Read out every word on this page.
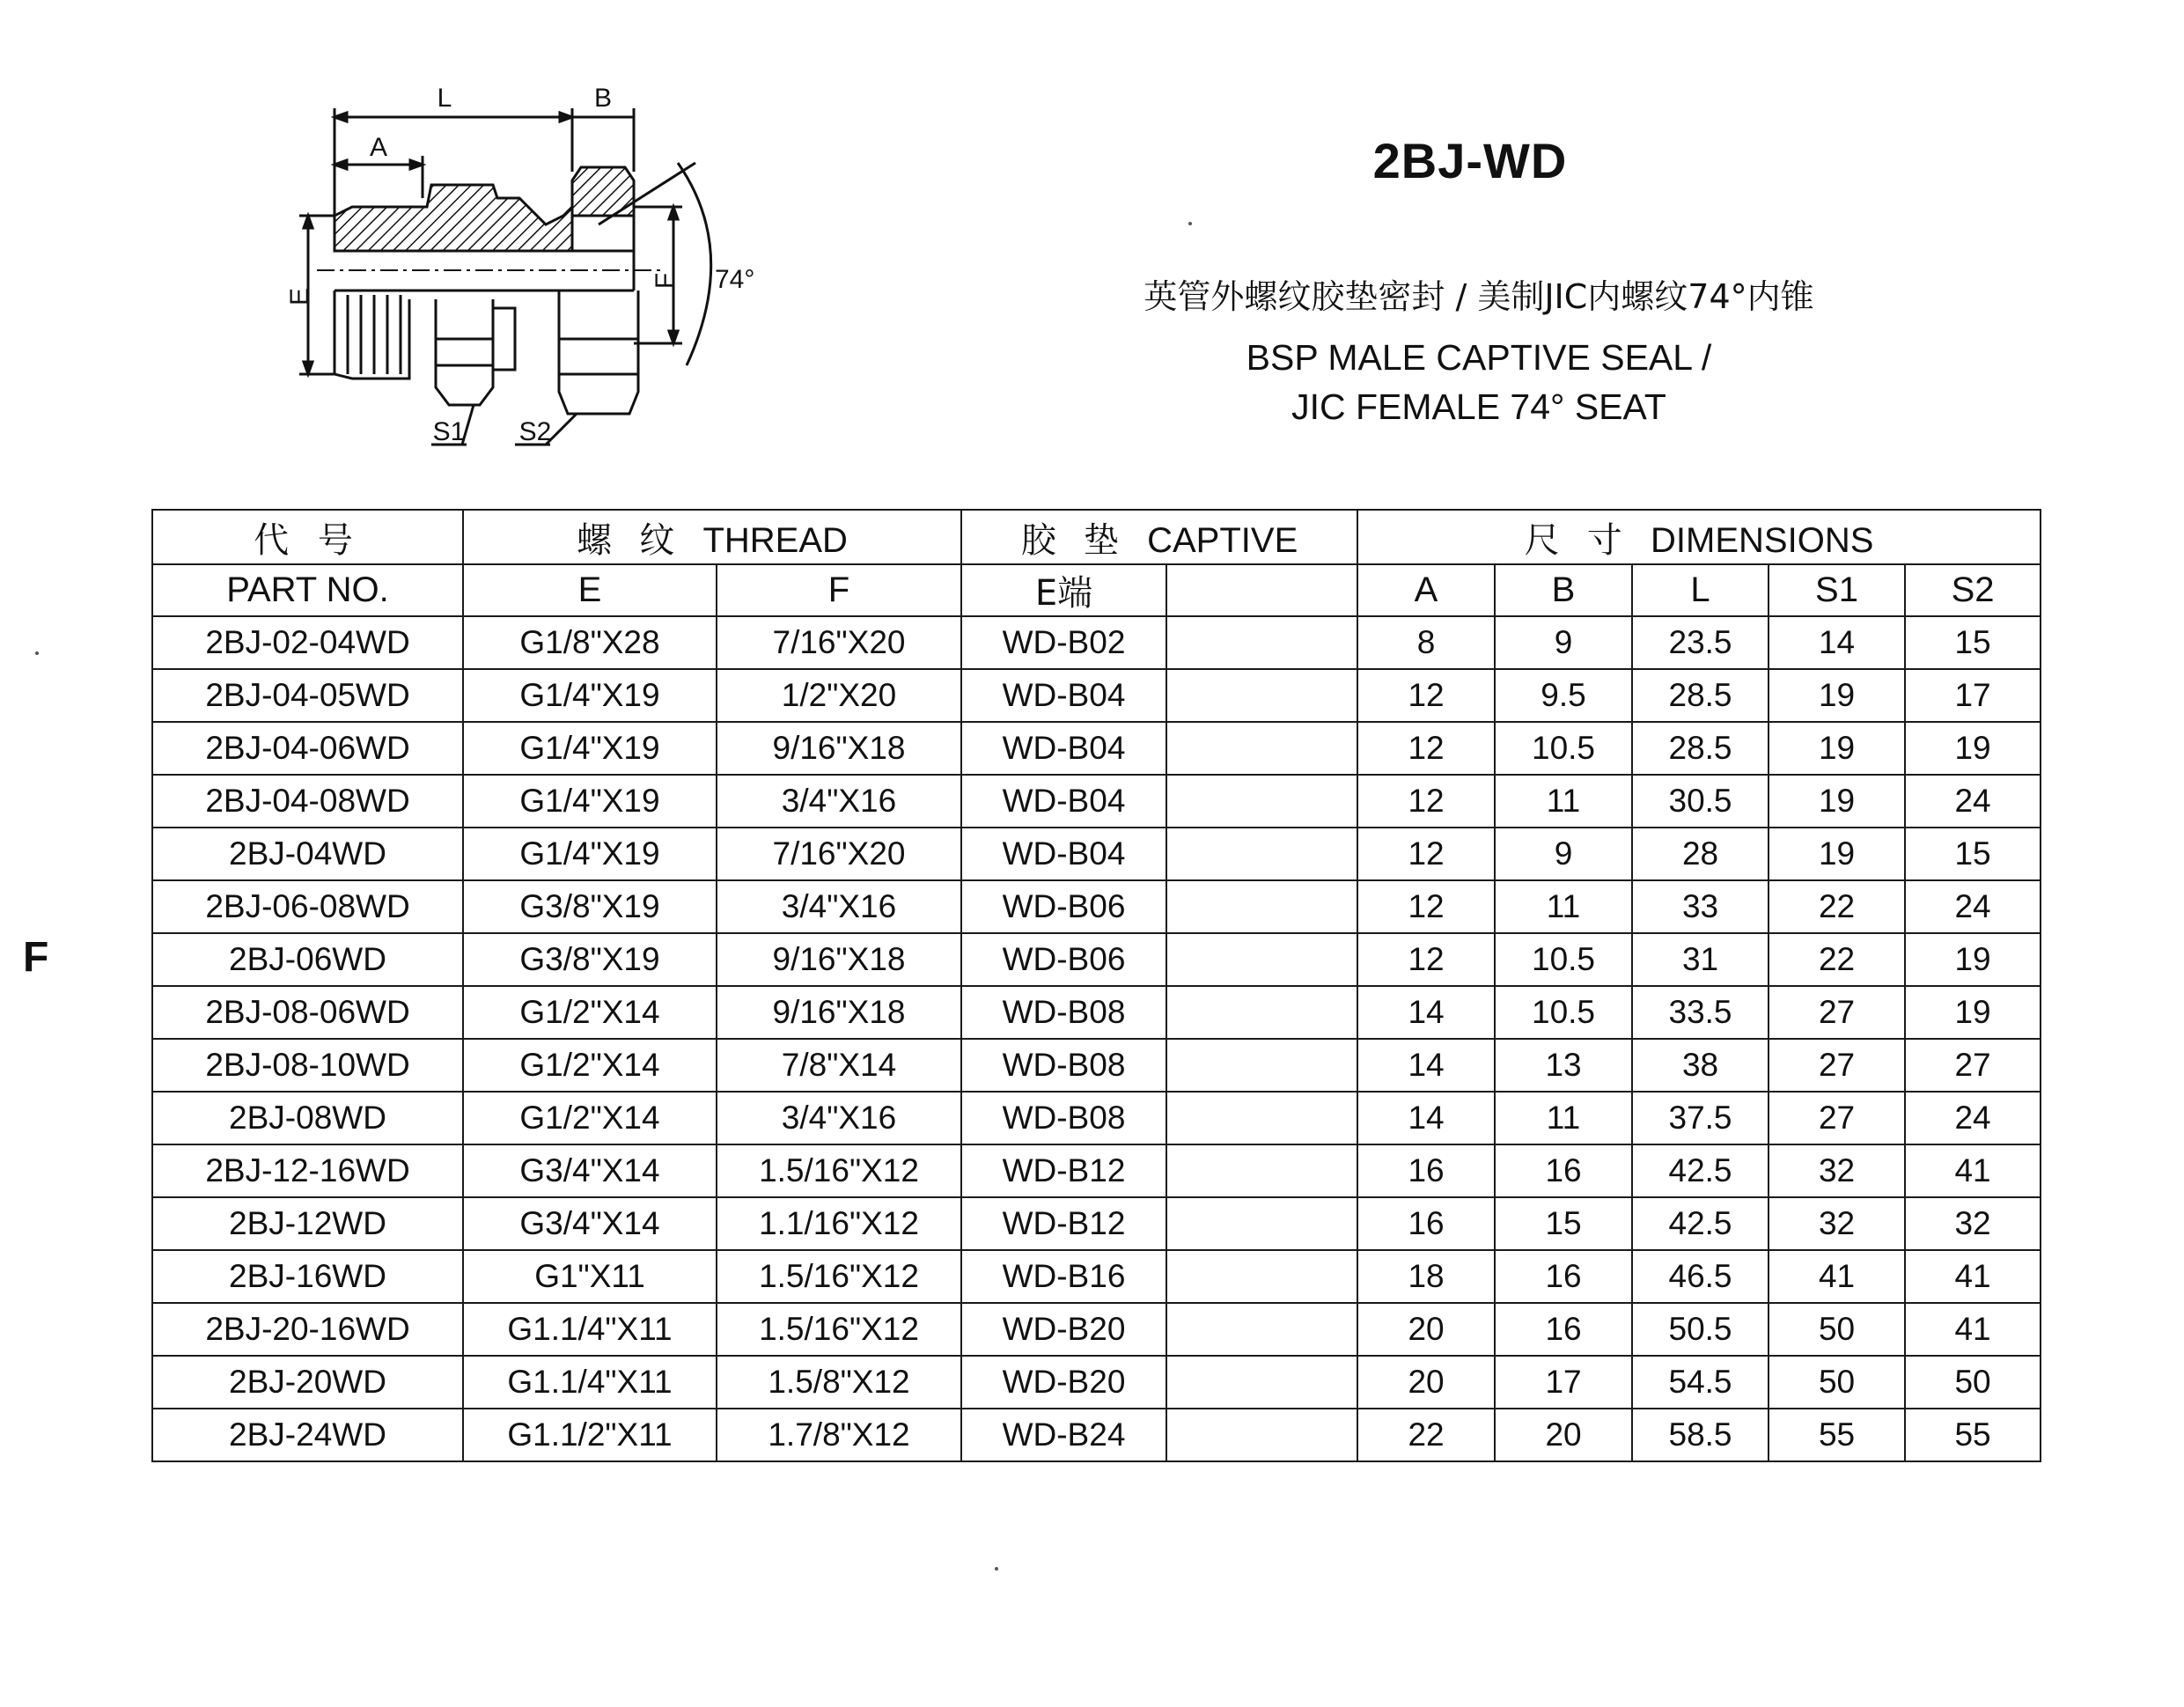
L	B
A
E
F 74°
S1 S2
2BJ-WD
英管外螺纹胶垫密封 / 美制JIC内螺纹74°内锥
BSP MALE CAPTIVE SEAL /
JIC FEMALE 74° SEAT
F
代 号	螺 纹 THREAD		胶 垫 CAPTIVE		尺 寸 DIMENSIONS				
PART NO.	E	F	E端		A	B	L	S1	S2
2BJ-02-04WD	G1/8"X28	7/16"X20	WD-B02		8	9	23.5	14	15
2BJ-04-05WD	G1/4"X19	1/2"X20	WD-B04		12	9.5	28.5	19	17
2BJ-04-06WD	G1/4"X19	9/16"X18	WD-B04		12	10.5	28.5	19	19
2BJ-04-08WD	G1/4"X19	3/4"X16	WD-B04		12	11	30.5	19	24
2BJ-04WD	G1/4"X19	7/16"X20	WD-B04		12	9	28	19	15
2BJ-06-08WD	G3/8"X19	3/4"X16	WD-B06		12	11	33	22	24
2BJ-06WD	G3/8"X19	9/16"X18	WD-B06		12	10.5	31	22	19
2BJ-08-06WD	G1/2"X14	9/16"X18	WD-B08		14	10.5	33.5	27	19
2BJ-08-10WD	G1/2"X14	7/8"X14	WD-B08		14	13	38	27	27
2BJ-08WD	G1/2"X14	3/4"X16	WD-B08		14	11	37.5	27	24
2BJ-12-16WD	G3/4"X14	1.5/16"X12	WD-B12		16	16	42.5	32	41
2BJ-12WD	G3/4"X14	1.1/16"X12	WD-B12		16	15	42.5	32	32
2BJ-16WD	G1"X11	1.5/16"X12	WD-B16		18	16	46.5	41	41
2BJ-20-16WD	G1.1/4"X11	1.5/16"X12	WD-B20		20	16	50.5	50	41
2BJ-20WD	G1.1/4"X11	1.5/8"X12	WD-B20		20	17	54.5	50	50
2BJ-24WD	G1.1/2"X11	1.7/8"X12	WD-B24		22	20	58.5	55	55
